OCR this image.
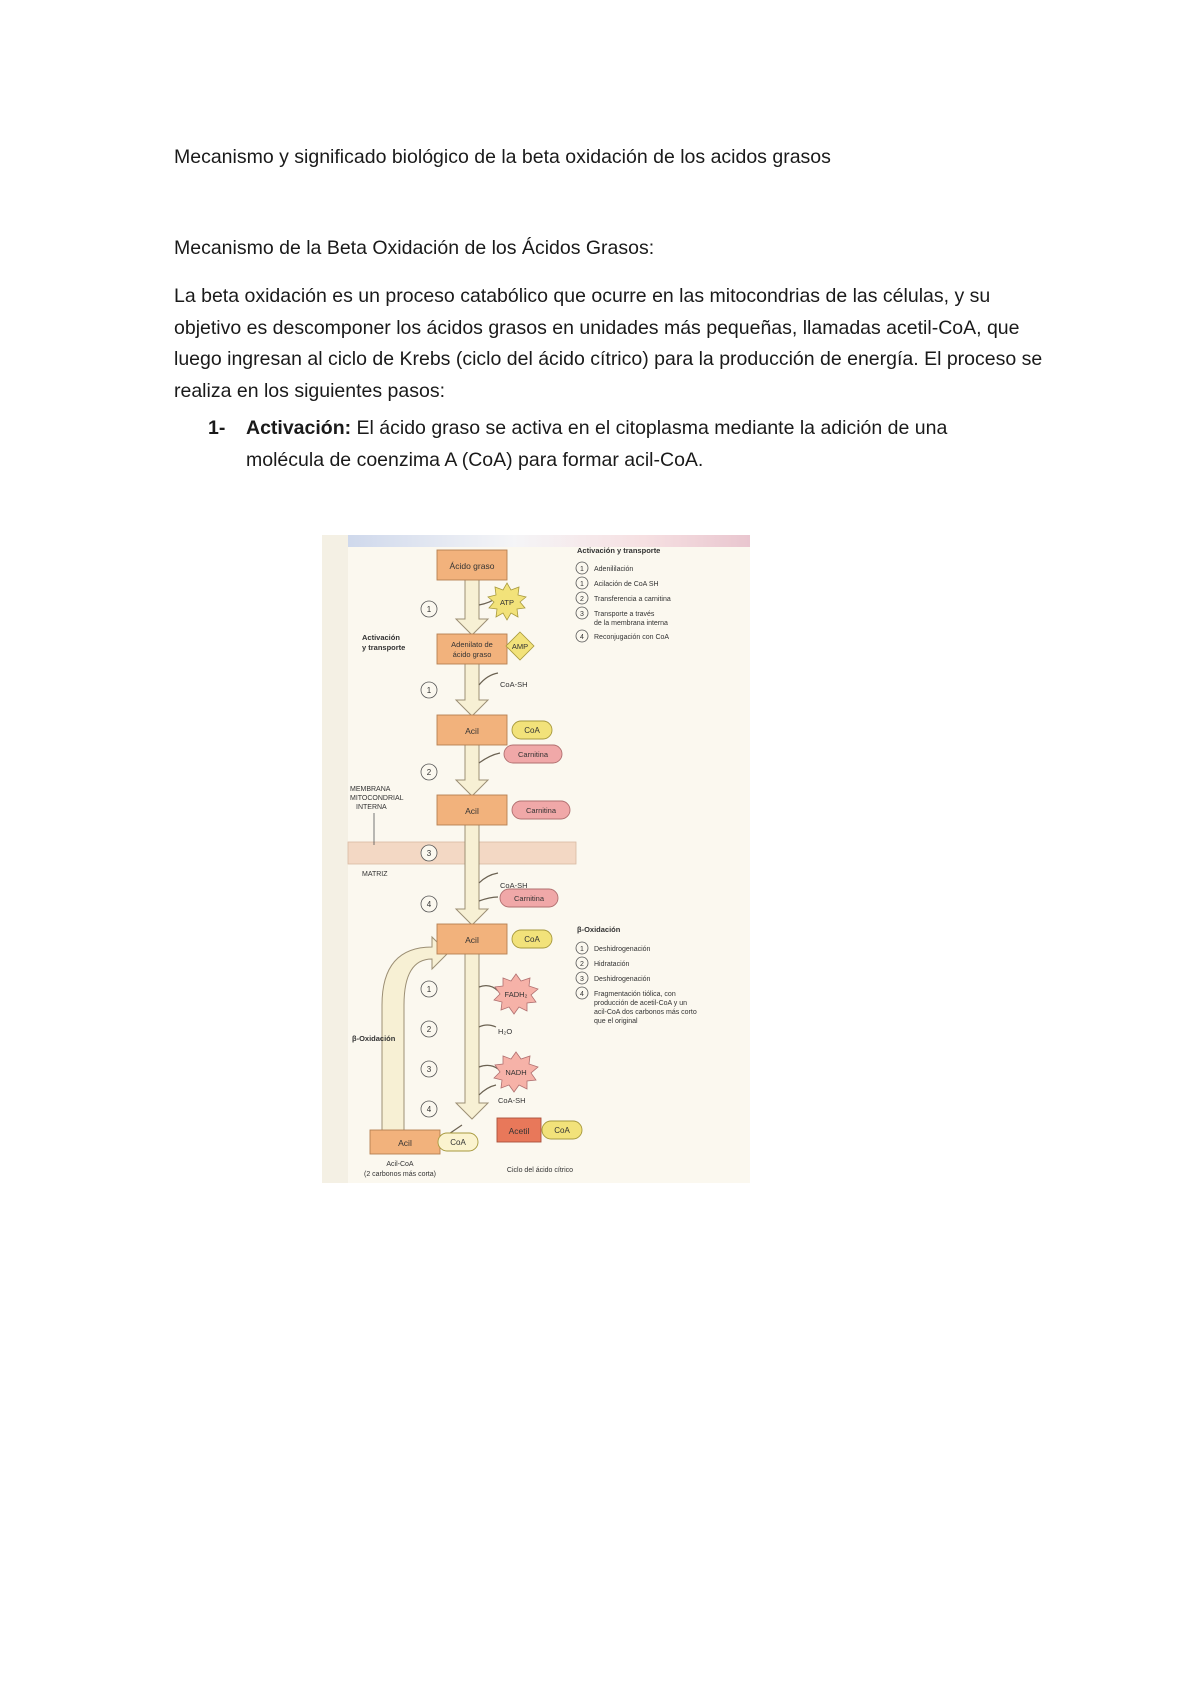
Mecanismo y significado biológico de la beta oxidación de los acidos grasos
Mecanismo de la Beta Oxidación de los Ácidos Grasos:

La beta oxidación es un proceso catabólico que ocurre en las mitocondrias de las células, y su objetivo es descomponer los ácidos grasos en unidades más pequeñas, llamadas acetil-CoA, que luego ingresan al ciclo de Krebs (ciclo del ácido cítrico) para la producción de energía. El proceso se realiza en los siguientes pasos:

1- Activación: El ácido graso se activa en el citoplasma mediante la adición de una molécula de coenzima A (CoA) para formar acil-CoA.
Ácido graso
Adenilato de
ácido graso
Acil
Acil
Acil
Acil
Acetil
CoA
CoA
CoA
CoA
Carnitina
Carnitina
Carnitina
ATP
AMP
FADH₂
NADH
CoA-SH
CoA-SH
H₂O
CoA-SH
1
1
2
3
4
1
2
3
4
Activación
y transporte
MEMBRANA
MITOCONDRIAL
INTERNA
MATRIZ
β-Oxidación
Activación y transporte
1 Adenililación
1 Acilación de CoA SH
2 Transferencia a carnitina
3 Transporte a través
de la membrana interna
4 Reconjugación con CoA
β-Oxidación
1 Deshidrogenación
2 Hidratación
3 Deshidrogenación
4 Fragmentación tiólica, con
producción de acetil-CoA y un
acil-CoA dos carbonos más corto
que el original
Acil-CoA
(2 carbonos más corta)
Ciclo del ácido cítrico
